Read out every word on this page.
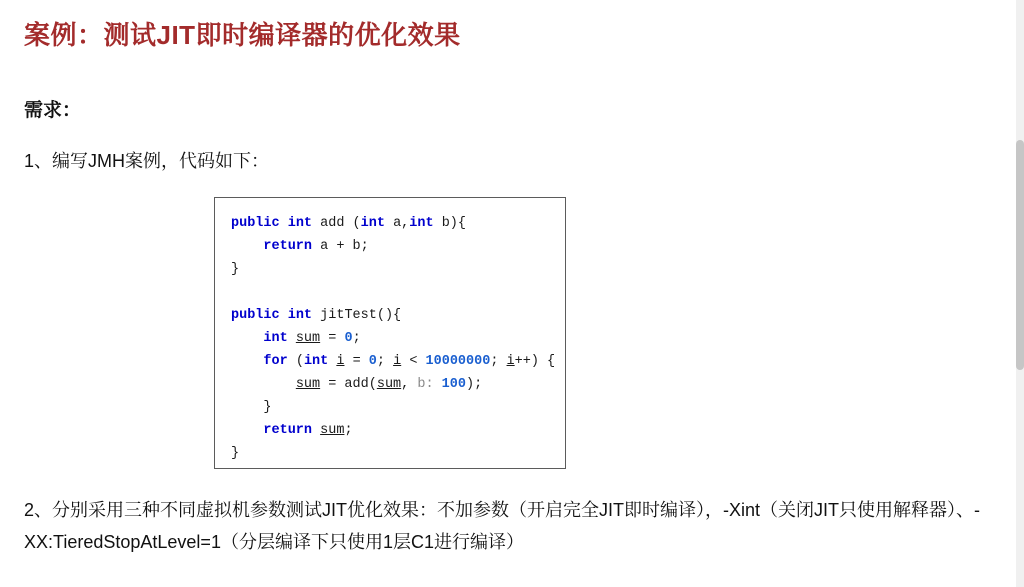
案例：测试JIT即时编译器的优化效果
需求：
1、编写JMH案例，代码如下：
public int add (int a,int b){
return a + b;
}

public int jitTest(){
int sum = 0;
for (int i = 0; i < 10000000; i++) {
sum = add(sum, b: 100);
}
return sum;
}
2、分别采用三种不同虚拟机参数测试JIT优化效果：不加参数（开启完全JIT即时编译），-Xint（关闭JIT只使用解释器）、-XX:TieredStopAtLevel=1（分层编译下只使用1层C1进行编译）
